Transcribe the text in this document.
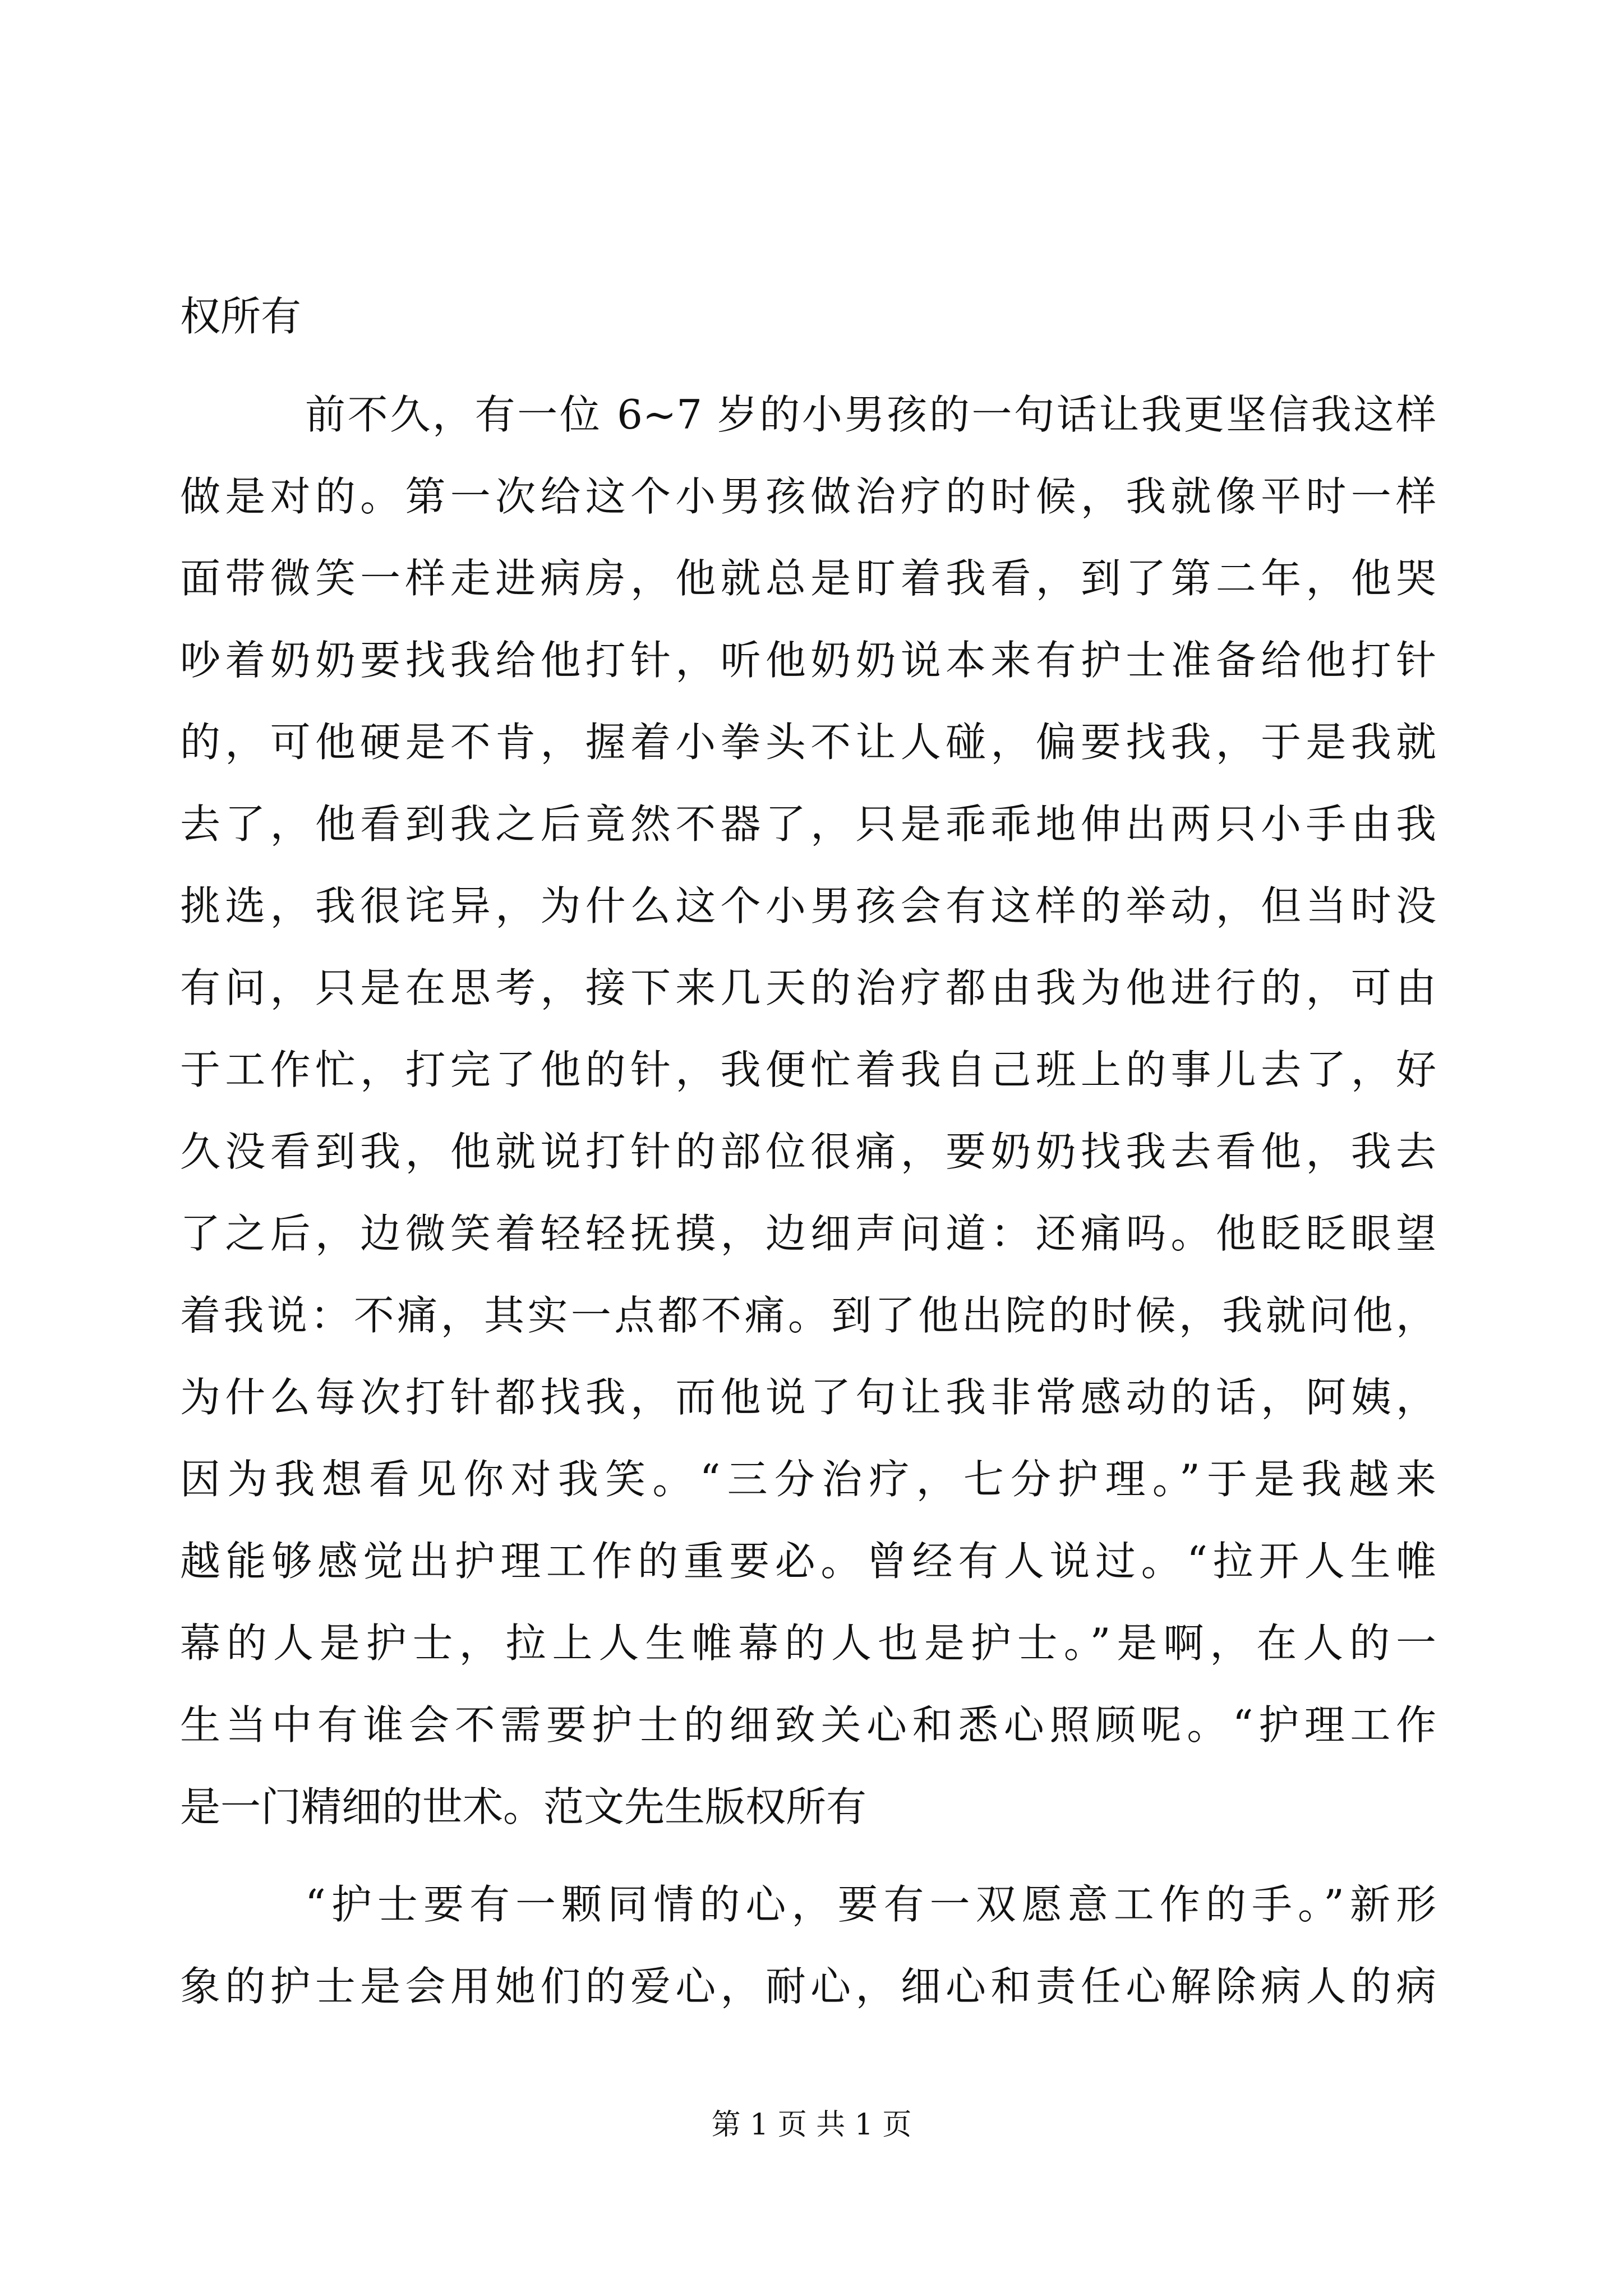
权所有
前不久，有一位 6~7 岁的小男孩的一句话让我更坚信我这样
做是对的。第一次给这个小男孩做治疗的时候，我就像平时一样
面带微笑一样走进病房，他就总是盯着我看，到了第二年，他哭
吵着奶奶要找我给他打针，听他奶奶说本来有护士准备给他打针
的，可他硬是不肯，握着小拳头不让人碰，偏要找我，于是我就
去了，他看到我之后竟然不器了，只是乖乖地伸出两只小手由我
挑选，我很诧异，为什么这个小男孩会有这样的举动，但当时没
有问，只是在思考，接下来几天的治疗都由我为他进行的，可由
于工作忙，打完了他的针，我便忙着我自己班上的事儿去了，好
久没看到我，他就说打针的部位很痛，要奶奶找我去看他，我去
了之后，边微笑着轻轻抚摸，边细声问道：还痛吗。他眨眨眼望
着我说：不痛，其实一点都不痛。到了他出院的时候，我就问他，
为什么每次打针都找我，而他说了句让我非常感动的话，阿姨，
因为我想看见你对我笑。“三分治疗，七分护理。”于是我越来
越能够感觉出护理工作的重要必。曾经有人说过。“拉开人生帷
幕的人是护士，拉上人生帷幕的人也是护士。”是啊，在人的一
生当中有谁会不需要护士的细致关心和悉心照顾呢。“护理工作
是一门精细的世术。范文先生版权所有
“护士要有一颗同情的心，要有一双愿意工作的手。”新形
象的护士是会用她们的爱心，耐心，细心和责任心解除病人的病
第 1 页 共 1 页
